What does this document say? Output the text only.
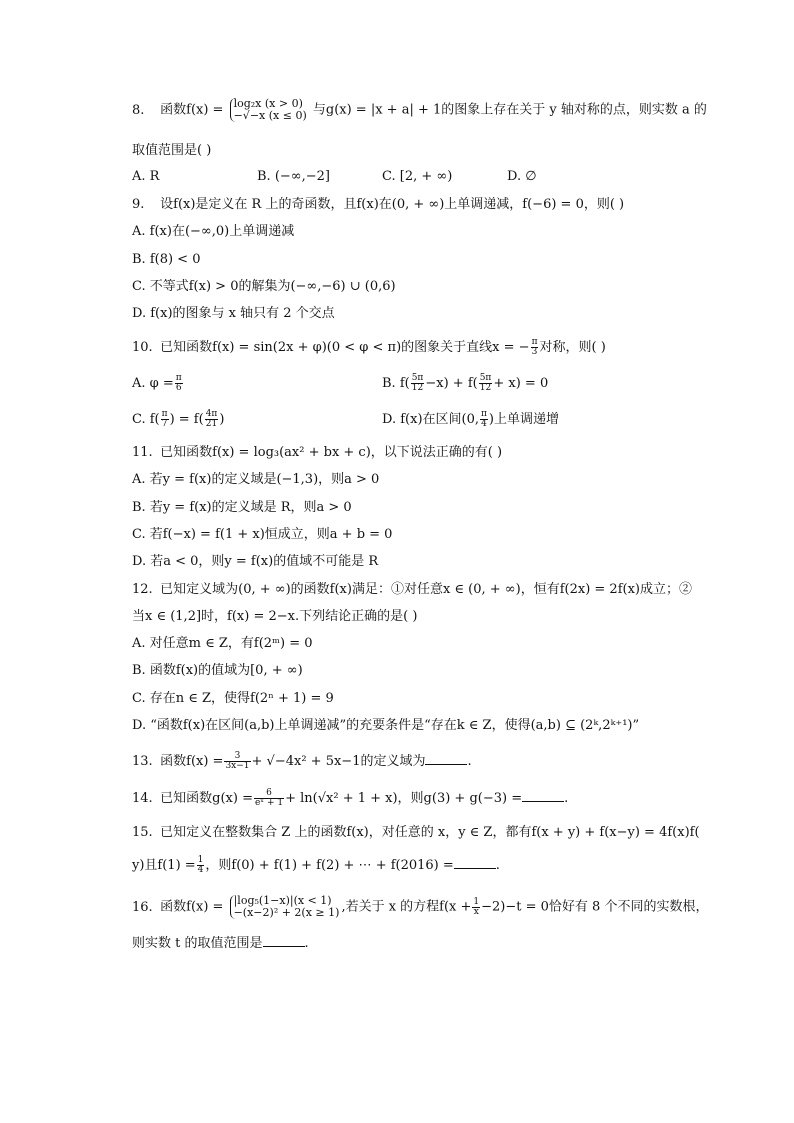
8. 函数f(x) = log₂x (x > 0)
−√−x (x ≤ 0) 与g(x) = |x + a| + 1的图象上存在关于 y 轴对称的点，则实数 a 的
取值范围是( )
A. R	B. (−∞,−2]	C. [2, + ∞)	D. ∅
9. 设f(x)是定义在 R 上的奇函数，且f(x)在(0, + ∞)上单调递减，f(−6) = 0，则( )
A. f(x)在(−∞,0)上单调递减
B. f(8) < 0
C. 不等式f(x) > 0的解集为(−∞,−6) ∪ (0,6)
D. f(x)的图象与 x 轴只有 2 个交点
10. 已知函数f(x) = sin(2x + φ)(0 < φ < π)的图象关于直线x = − $\frac{\pi}{3}$ 对称，则( )
A. $\varphi = \frac{\pi}{6}$	B. $f( \frac{5\pi}{12} -x) + f( \frac{5\pi}{12} + x) = 0$
C. $f( \frac{\pi}{7}$ ) = $f( \frac{4\pi}{21}$ )	D. f(x)在区间(0, $\frac{\pi}{4}$ )上单调递增
11. 已知函数f(x) = log₃(ax² + bx + c)，以下说法正确的有( )
A. 若y = f(x)的定义域是(−1,3)，则a > 0
B. 若y = f(x)的定义域是 R，则a > 0
C. 若f(−x) = f(1 + x)恒成立，则a + b = 0
D. 若a < 0，则y = f(x)的值域不可能是 R
12. 已知定义域为(0, + ∞)的函数f(x)满足：①对任意x ∈ (0, + ∞)，恒有f(2x) = 2f(x)成立；②
当x ∈ (1,2]时，f(x) = 2−x.下列结论正确的是( )
A. 对任意m ∈ Z，有f(2ᵐ) = 0
B. 函数f(x)的值域为[0, + ∞)
C. 存在n ∈ Z，使得f(2ⁿ + 1) = 9
D. “函数f(x)在区间(a,b)上单调递减”的充要条件是“存在k ∈ Z，使得(a,b) ⊆ (2ᵏ,2ᵏ⁺¹)”
13. 函数$f(x) = \frac{3}{3x-1} + √-4x^2 + 5x-1$的定义域为	.
14. 已知函数$g(x) = \frac{6}{\text{eˣ + 1}} + \ln(√x^2 + 1 + x)$，则g(3) + g(−3) =	.
15. 已知定义在整数集合 Z 上的函数f(x)，对任意的 x，y ∈ Z，都有f(x + y) + f(x−y) = 4f(x)f(
y)且$f(1) = \frac{1}{4}$ ，则f(0) + f(1) + f(2) + ⋯ + f(2016) =	.
16. 函数f(x) = |log₅(1−x)|(x < 1)
−(x−2)² + 2(x ≥ 1) ,若关于 x 的方程$f(x + \frac{1}{x} -2)-t = 0$恰好有 8 个不同的实数根，
则实数 t 的取值范围是	.
